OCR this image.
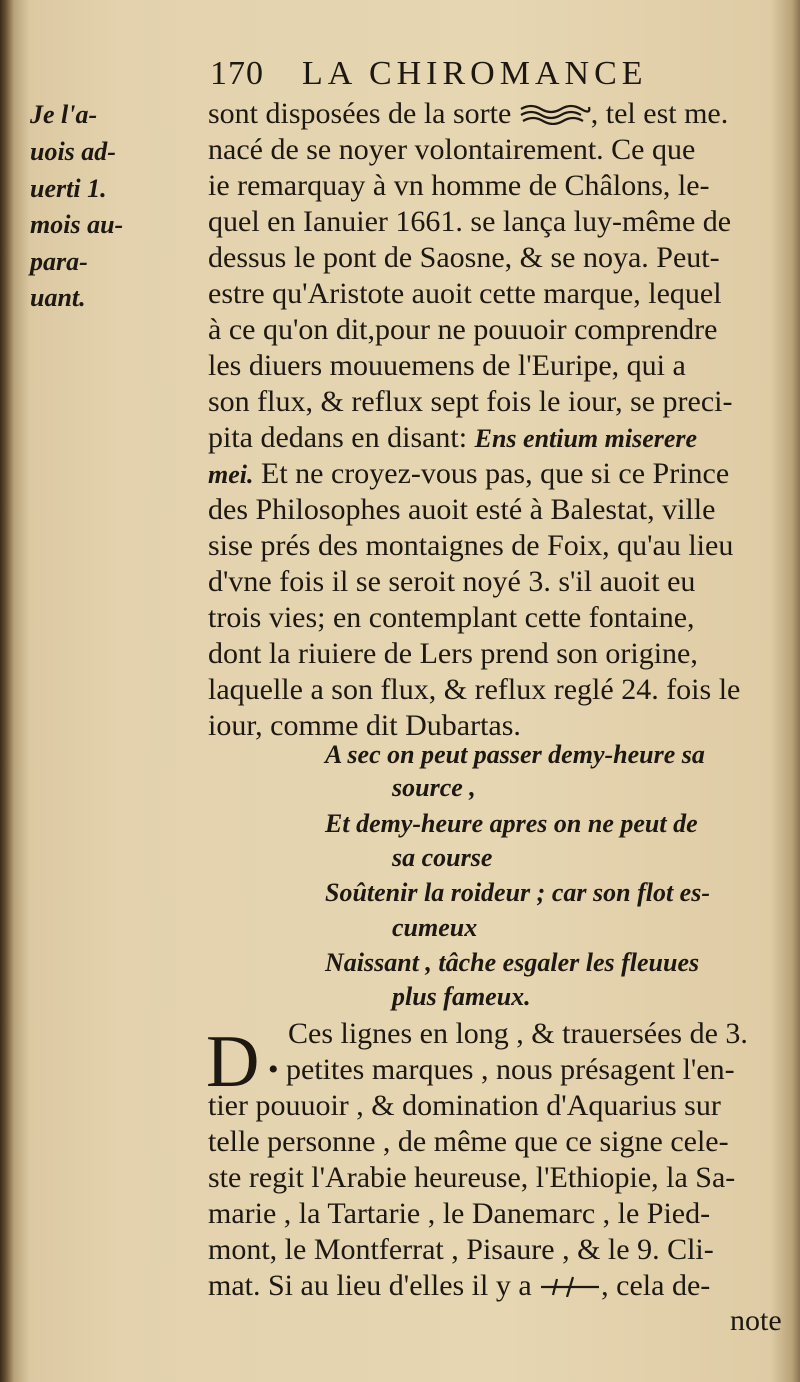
170 LA CHIROMANCE
Je l'a-
uois ad-
uerti 1.
mois au-
para-
uant.
sont disposées de la sorte	, tel est me.
nacé de se noyer volontairement. Ce que
ie remarquay à vn homme de Châlons, le-
quel en Ianuier 1661. se lança luy-même de
dessus le pont de Saosne, & se noya. Peut-
estre qu'Aristote auoit cette marque, lequel
à ce qu'on dit,pour ne pouuoir comprendre
les diuers mouuemens de l'Euripe, qui a
son flux, & reflux sept fois le iour, se preci-
pita dedans en disant: Ens entium miserere
mei. Et ne croyez-vous pas, que si ce Prince
des Philosophes auoit esté à Balestat, ville
sise prés des montaignes de Foix, qu'au lieu
d'vne fois il se seroit noyé 3. s'il auoit eu
trois vies; en contemplant cette fontaine,
dont la riuiere de Lers prend son origine,
laquelle a son flux, & reflux reglé 24. fois le
iour, comme dit Dubartas.
A sec on peut passer demy-heure sa
source ,
Et demy-heure apres on ne peut de
sa course
Soûtenir la roideur ; car son flot es-
cumeux
Naissant , tâche esgaler les fleuues
plus fameux.
D Ces lignes en long , & trauersées de 3.
• petites marques , nous présagent l'en-
tier pouuoir , & domination d'Aquarius sur
telle personne , de même que ce signe cele-
ste regit l'Arabie heureuse, l'Ethiopie, la Sa-
marie , la Tartarie , le Danemarc , le Pied-
mont, le Montferrat , Pisaure , & le 9. Cli-
mat. Si au lieu d'elles il y a , cela de-
note
